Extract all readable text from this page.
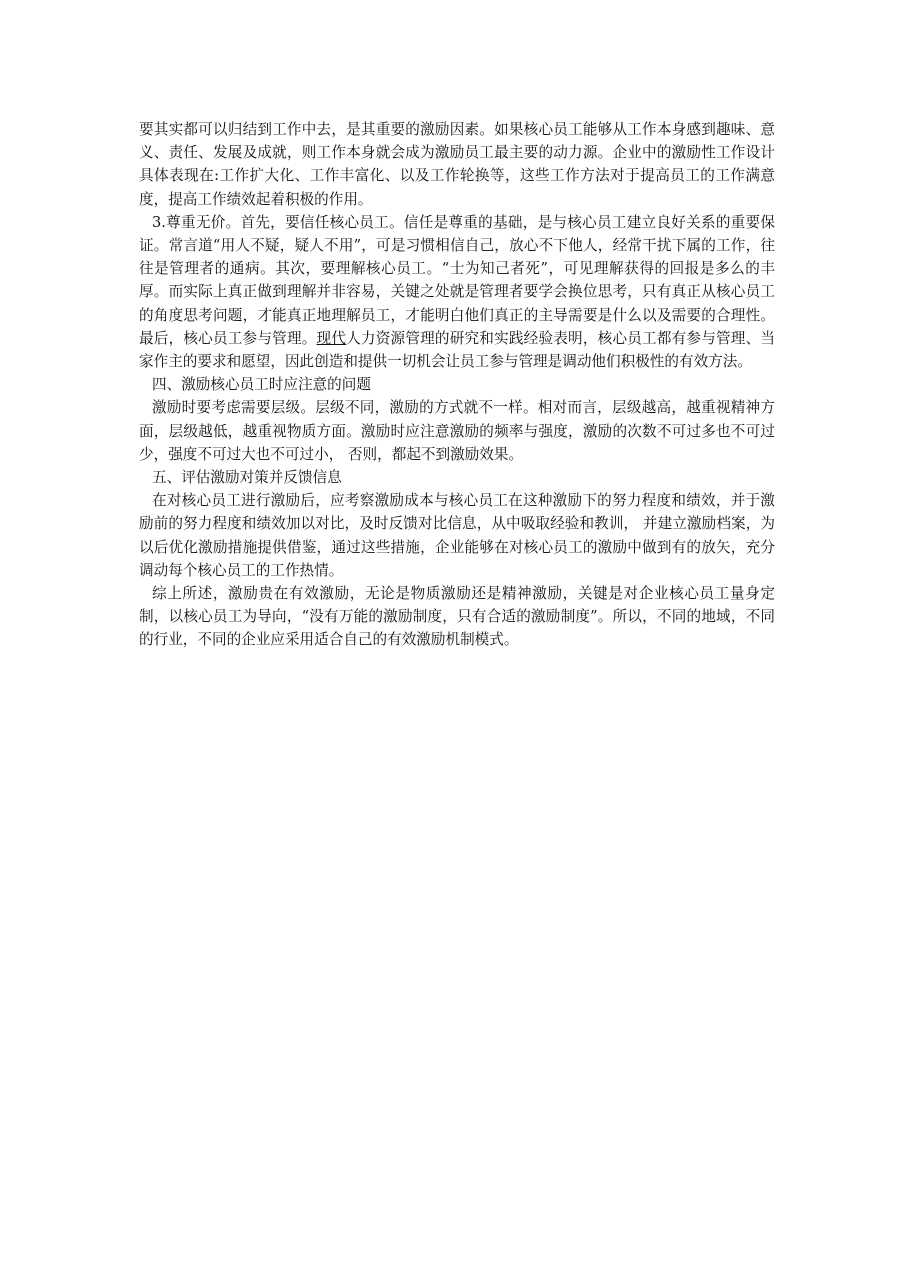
要其实都可以归结到工作中去，是其重要的激励因素。如果核心员工能够从工作本身感到趣味、意义、责任、发展及成就，则工作本身就会成为激励员工最主要的动力源。企业中的激励性工作设计具体表现在:工作扩大化、工作丰富化、以及工作轮换等，这些工作方法对于提高员工的工作满意度，提高工作绩效起着积极的作用。

3.尊重无价。首先，要信任核心员工。信任是尊重的基础，是与核心员工建立良好关系的重要保证。常言道“用人不疑，疑人不用”，可是习惯相信自己，放心不下他人，经常干扰下属的工作，往往是管理者的通病。其次，要理解核心员工。“士为知己者死”，可见理解获得的回报是多么的丰厚。而实际上真正做到理解并非容易，关键之处就是管理者要学会换位思考，只有真正从核心员工的角度思考问题，才能真正地理解员工，才能明白他们真正的主导需要是什么以及需要的合理性。最后，核心员工参与管理。现代人力资源管理的研究和实践经验表明，核心员工都有参与管理、当家作主的要求和愿望，因此创造和提供一切机会让员工参与管理是调动他们积极性的有效方法。

四、激励核心员工时应注意的问题

激励时要考虑需要层级。层级不同，激励的方式就不一样。相对而言，层级越高，越重视精神方面，层级越低，越重视物质方面。激励时应注意激励的频率与强度，激励的次数不可过多也不可过少，强度不可过大也不可过小， 否则，都起不到激励效果。

五、评估激励对策并反馈信息

在对核心员工进行激励后，应考察激励成本与核心员工在这种激励下的努力程度和绩效，并于激励前的努力程度和绩效加以对比，及时反馈对比信息，从中吸取经验和教训， 并建立激励档案，为以后优化激励措施提供借鉴，通过这些措施，企业能够在对核心员工的激励中做到有的放矢，充分调动每个核心员工的工作热情。

综上所述，激励贵在有效激励，无论是物质激励还是精神激励，关键是对企业核心员工量身定制，以核心员工为导向，“没有万能的激励制度，只有合适的激励制度”。所以，不同的地域，不同的行业，不同的企业应采用适合自己的有效激励机制模式。
